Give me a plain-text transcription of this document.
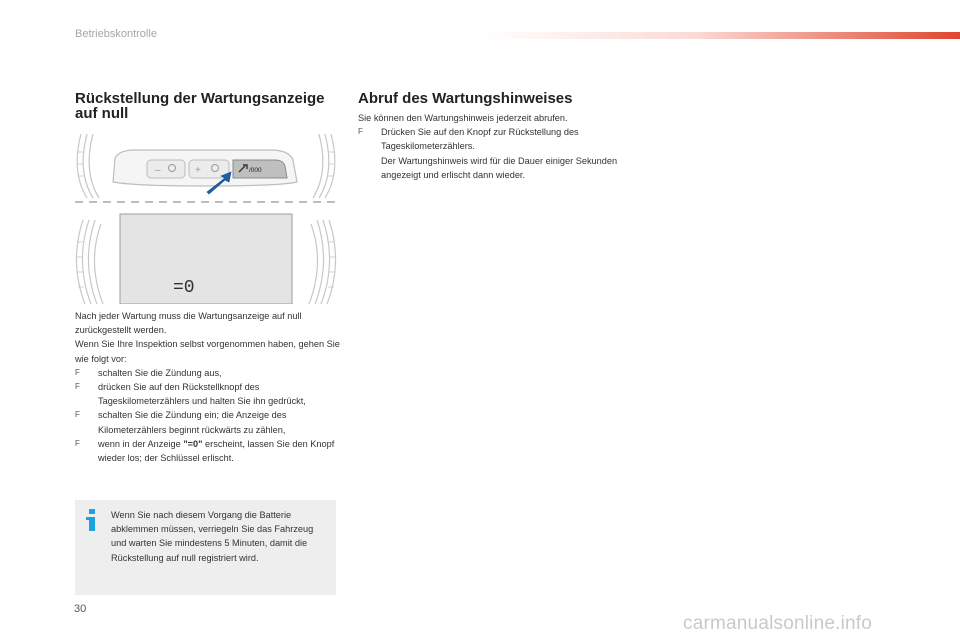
Betriebskontrolle
Rückstellung der Wartungsanzeige auf null
–	+	/000
=0

Nach jeder Wartung muss die Wartungsanzeige auf null zurückgestellt werden.

Wenn Sie Ihre Inspektion selbst vorgenommen haben, gehen Sie wie folgt vor:

F	schalten Sie die Zündung aus,
F	drücken Sie auf den Rückstellknopf des Tageskilometerzählers und halten Sie ihn gedrückt,
F	schalten Sie die Zündung ein; die Anzeige des Kilometerzählers beginnt rückwärts zu zählen,
F	wenn in der Anzeige "=0" erscheint, lassen Sie den Knopf wieder los; der Schlüssel erlischt.
Wenn Sie nach diesem Vorgang die Batterie abklemmen müssen, verriegeln Sie das Fahrzeug und warten Sie mindestens 5 Minuten, damit die Rückstellung auf null registriert wird.
Abruf des Wartungshinweises

Sie können den Wartungshinweis jederzeit abrufen.

F	Drücken Sie auf den Knopf zur Rückstellung des Tageskilometerzählers.
Der Wartungshinweis wird für die Dauer einiger Sekunden angezeigt und erlischt dann wieder.
30
carmanualsonline.info
